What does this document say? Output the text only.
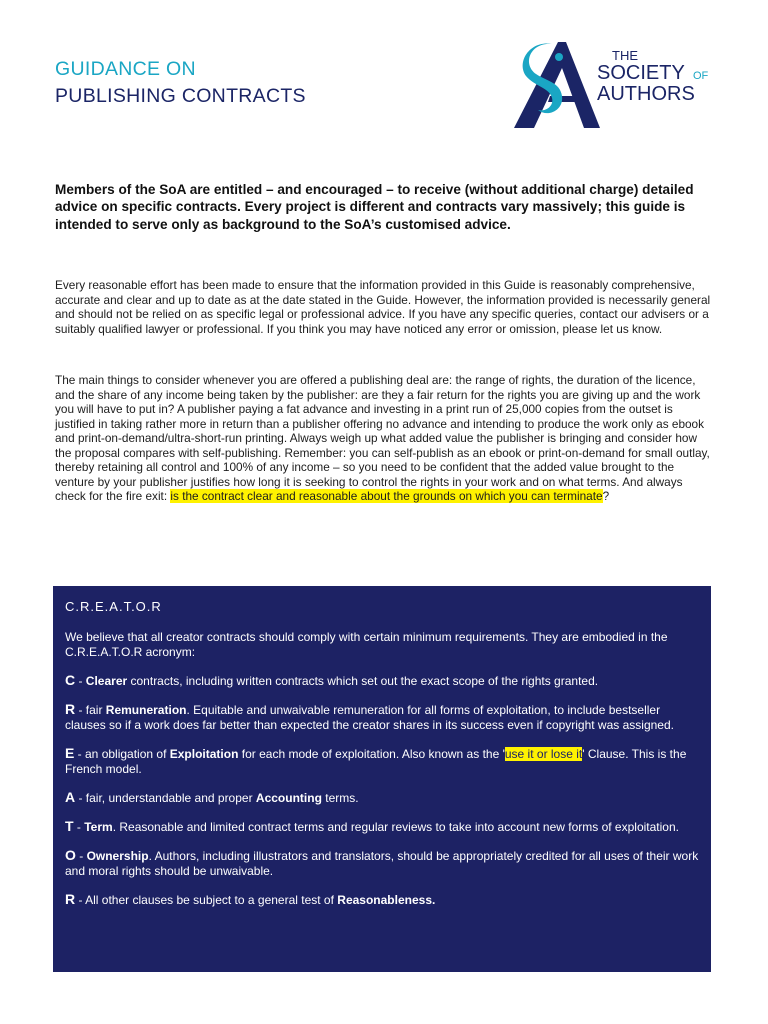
GUIDANCE ON
PUBLISHING CONTRACTS
THE
SOCIETY OF
AUTHORS
Members of the SoA are entitled – and encouraged – to receive (without additional charge) detailed advice on specific contracts. Every project is different and contracts vary massively; this guide is intended to serve only as background to the SoA’s customised advice.
Every reasonable effort has been made to ensure that the information provided in this Guide is reasonably comprehensive, accurate and clear and up to date as at the date stated in the Guide. However, the information provided is necessarily general and should not be relied on as specific legal or professional advice. If you have any specific queries, contact our advisers or a suitably qualified lawyer or professional. If you think you may have noticed any error or omission, please let us know.
The main things to consider whenever you are offered a publishing deal are: the range of rights, the duration of the licence, and the share of any income being taken by the publisher: are they a fair return for the rights you are giving up and the work you will have to put in? A publisher paying a fat advance and investing in a print run of 25,000 copies from the outset is justified in taking rather more in return than a publisher offering no advance and intending to produce the work only as ebook and print-on-demand/ultra-short-run printing. Always weigh up what added value the publisher is bringing and consider how the proposal compares with self-publishing. Remember: you can self-publish as an ebook or print-on-demand for small outlay, thereby retaining all control and 100% of any income – so you need to be confident that the added value brought to the venture by your publisher justifies how long it is seeking to control the rights in your work and on what terms. And always check for the fire exit: is the contract clear and reasonable about the grounds on which you can terminate?
C.R.E.A.T.O.R
We believe that all creator contracts should comply with certain minimum requirements. They are embodied in the C.R.E.A.T.O.R acronym:
C - Clearer contracts, including written contracts which set out the exact scope of the rights granted.
R - fair Remuneration. Equitable and unwaivable remuneration for all forms of exploitation, to include bestseller clauses so if a work does far better than expected the creator shares in its success even if copyright was assigned.
E - an obligation of Exploitation for each mode of exploitation. Also known as the 'use it or lose it' Clause. This is the French model.
A - fair, understandable and proper Accounting terms.
T - Term. Reasonable and limited contract terms and regular reviews to take into account new forms of exploitation.
O - Ownership. Authors, including illustrators and translators, should be appropriately credited for all uses of their work and moral rights should be unwaivable.
R - All other clauses be subject to a general test of Reasonableness.
